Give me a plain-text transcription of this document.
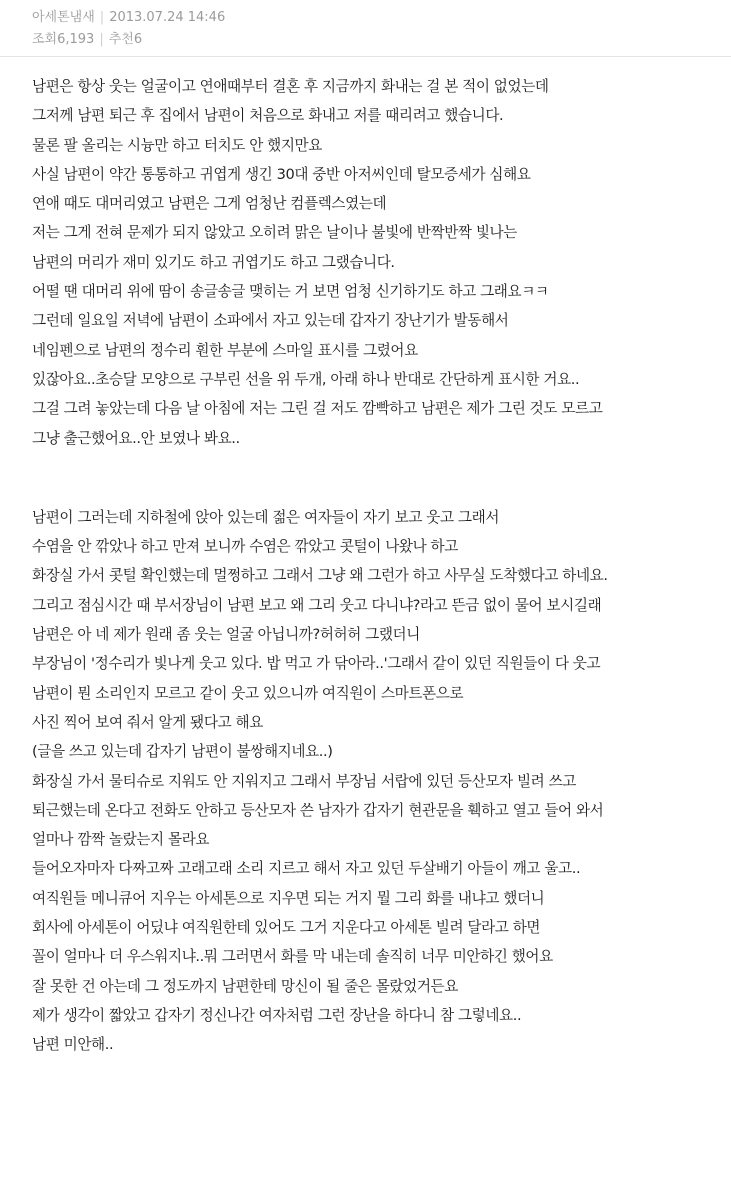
아세톤냄새 | 2013.07.24 14:46
조회6,193 | 추천6

남편은 항상 웃는 얼굴이고 연애때부터 결혼 후 지금까지 화내는 걸 본 적이 없었는데

그저께 남편 퇴근 후 집에서 남편이 처음으로 화내고 저를 때리려고 했습니다.

물론 팔 올리는 시늉만 하고 터치도 안 했지만요

사실 남편이 약간 통통하고 귀엽게 생긴 30대 중반 아저씨인데 탈모증세가 심해요

연애 때도 대머리였고 남편은 그게 엄청난 컴플렉스였는데

저는 그게 전혀 문제가 되지 않았고 오히려 맑은 날이나 불빛에 반짝반짝 빛나는

남편의 머리가 재미 있기도 하고 귀엽기도 하고 그랬습니다.

어떨 땐 대머리 위에 땀이 송글송글 맺히는 거 보면 엄청 신기하기도 하고 그래요ㅋㅋ

그런데 일요일 저녁에 남편이 소파에서 자고 있는데 갑자기 장난기가 발동해서

네임펜으로 남편의 정수리 훤한 부분에 스마일 표시를 그렸어요

있잖아요..초승달 모양으로 구부린 선을 위 두개, 아래 하나 반대로 간단하게 표시한 거요..

그걸 그려 놓았는데 다음 날 아침에 저는 그린 걸 저도 깜빡하고 남편은 제가 그린 것도 모르고

그냥 출근했어요..안 보였나 봐요..

남편이 그러는데 지하철에 앉아 있는데 젊은 여자들이 자기 보고 웃고 그래서

수염을 안 깎았나 하고 만져 보니까 수염은 깎았고 콧털이 나왔나 하고

화장실 가서 콧털 확인했는데 멀쩡하고 그래서 그냥 왜 그런가 하고 사무실 도착했다고 하네요.

그리고 점심시간 때 부서장님이 남편 보고 왜 그리 웃고 다니냐?라고 뜬금 없이 물어 보시길래

남편은 아 네 제가 원래 좀 웃는 얼굴 아닙니까?허허허 그랬더니

부장님이 '정수리가 빛나게 웃고 있다. 밥 먹고 가 닦아라..'그래서 같이 있던 직원들이 다 웃고

남편이 뭔 소리인지 모르고 같이 웃고 있으니까 여직원이 스마트폰으로

사진 찍어 보여 줘서 알게 됐다고 해요

(글을 쓰고 있는데 갑자기 남편이 불쌍해지네요..)

화장실 가서 물티슈로 지워도 안 지워지고 그래서 부장님 서랍에 있던 등산모자 빌려 쓰고

퇴근했는데 온다고 전화도 안하고 등산모자 쓴 남자가 갑자기 현관문을 훽하고 열고 들어 와서

얼마나 깜짝 놀랐는지 몰라요

들어오자마자 다짜고짜 고래고래 소리 지르고 해서 자고 있던 두살배기 아들이 깨고 울고..

여직원들 메니큐어 지우는 아세톤으로 지우면 되는 거지 뭘 그리 화를 내냐고 했더니

회사에 아세톤이 어딨냐 여직원한테 있어도 그거 지운다고 아세톤 빌려 달라고 하면

꼴이 얼마나 더 우스워지냐..뭐 그러면서 화를 막 내는데 솔직히 너무 미안하긴 했어요

잘 못한 건 아는데 그 정도까지 남편한테 망신이 될 줄은 몰랐었거든요

제가 생각이 짧았고 갑자기 정신나간 여자처럼 그런 장난을 하다니 참 그렇네요..

남편 미안해..
